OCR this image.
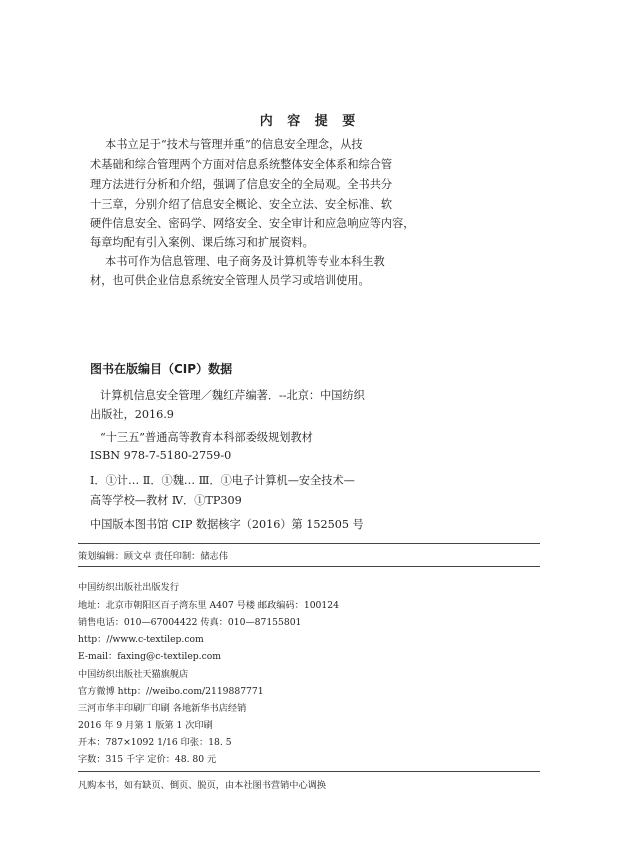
内 容 提 要
本书立足于“技术与管理并重”的信息安全理念，从技
术基础和综合管理两个方面对信息系统整体安全体系和综合管
理方法进行分析和介绍，强调了信息安全的全局观。全书共分
十三章，分别介绍了信息安全概论、安全立法、安全标准、软
硬件信息安全、密码学、网络安全、安全审计和应急响应等内容，
每章均配有引入案例、课后练习和扩展资料。
本书可作为信息管理、电子商务及计算机等专业本科生教
材，也可供企业信息系统安全管理人员学习或培训使用。
图书在版编目（CIP）数据
计算机信息安全管理／魏红芹编著．--北京：中国纺织
出版社，2016.9
“十三五”普通高等教育本科部委级规划教材
ISBN 978-7-5180-2759-0
Ⅰ．①计… Ⅱ．①魏… Ⅲ．①电子计算机—安全技术—
高等学校—教材 Ⅳ．①TP309
中国版本图书馆 CIP 数据核字（2016）第 152505 号
策划编辑：顾文卓 责任印制：储志伟
中国纺织出版社出版发行
地址：北京市朝阳区百子湾东里 A407 号楼 邮政编码：100124
销售电话：010—67004422 传真：010—87155801
http：//www.c-textilep.com
E-mail：faxing@c-textilep.com
中国纺织出版社天猫旗舰店
官方微博 http：//weibo.com/2119887771
三河市华丰印刷厂印刷 各地新华书店经销
2016 年 9 月第 1 版第 1 次印刷
开本：787×1092 1/16 印张：18. 5
字数：315 千字 定价：48. 80 元
凡购本书，如有缺页、倒页、脱页，由本社图书营销中心调换
